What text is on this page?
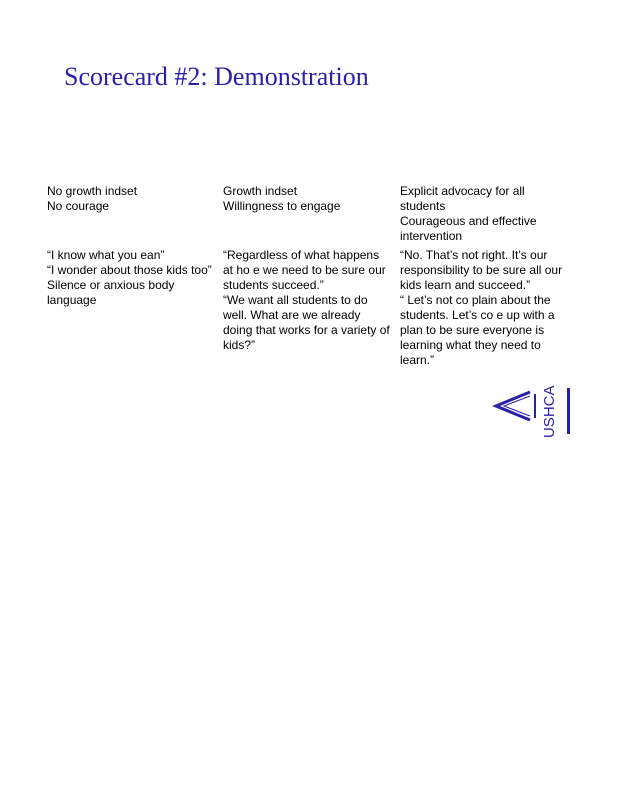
Scorecard #2: Demonstration

No growth indset

No courage

“I know what you ean”

“I wonder about those kids too”

Silence or anxious body language

Growth indset

Willingness to engage

“Regardless of what happens at ho e we need to be sure our students succeed.”

“We want all students to do well. What are we already doing that works for a variety of kids?”

Explicit advocacy for all students

Courageous and effective intervention

“No. That’s not right. It’s our responsibility to be sure all our kids learn and succeed.”

“ Let’s not co plain about the students. Let’s co e up with a plan to be sure everyone is learning what they need to learn.”

USHCA
